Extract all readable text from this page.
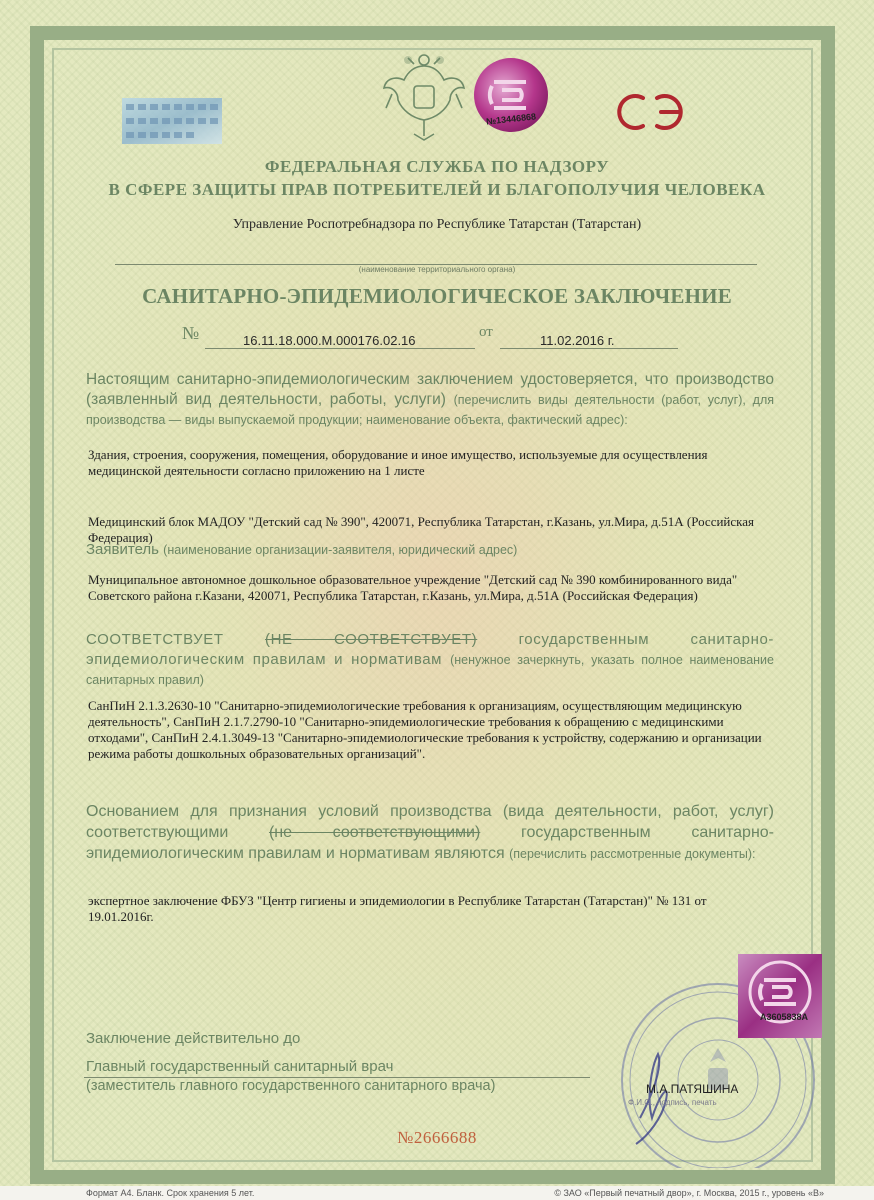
№13446868
ФЕДЕРАЛЬНАЯ СЛУЖБА ПО НАДЗОРУ
В СФЕРЕ ЗАЩИТЫ ПРАВ ПОТРЕБИТЕЛЕЙ И БЛАГОПОЛУЧИЯ ЧЕЛОВЕКА
Управление Роспотребнадзора по Республике Татарстан (Татарстан)
(наименование территориального органа)
САНИТАРНО-ЭПИДЕМИОЛОГИЧЕСКОЕ ЗАКЛЮЧЕНИЕ
№	16.11.18.000.М.000176.02.16
от
11.02.2016 г.
Настоящим санитарно-эпидемиологическим заключением удостоверяется, что производство (заявленный вид деятельности, работы, услуги) (перечислить виды деятельности (работ, услуг), для производства — виды выпускаемой продукции; наименование объекта, фактический адрес):
Здания, строения, сооружения, помещения, оборудование и иное имущество, используемые для осуществления медицинской деятельности согласно приложению на 1 листе
Медицинский блок МАДОУ "Детский сад № 390", 420071, Республика Татарстан, г.Казань, ул.Мира, д.51А (Российская Федерация)
Заявитель (наименование организации-заявителя, юридический адрес)
Муниципальное автономное дошкольное образовательное учреждение "Детский сад № 390 комбинированного вида" Советского района г.Казани, 420071, Республика Татарстан, г.Казань, ул.Мира, д.51А (Российская Федерация)
СООТВЕТСТВУЕТ	(НЕ СООТВЕТСТВУЕТ)	государственным санитарно-эпидемиологическим правилам и нормативам (ненужное зачеркнуть, указать полное наименование санитарных правил)
СанПиН 2.1.3.2630-10 "Санитарно-эпидемиологические требования к организациям, осуществляющим медицинскую деятельность", СанПиН 2.1.7.2790-10 "Санитарно-эпидемиологические требования к обращению с медицинскими отходами", СанПиН 2.4.1.3049-13 "Санитарно-эпидемиологические требования к устройству, содержанию и организации режима работы дошкольных образовательных организаций".
Основанием для признания условий производства (вида деятельности, работ, услуг) соответствующими	(не соответствующими)	государственным санитарно-эпидемиологическим правилам и нормативам являются (перечислить рассмотренные документы):
экспертное заключение ФБУЗ "Центр гигиены и эпидемиологии в Республике Татарстан (Татарстан)" № 131 от 19.01.2016г.
А3605838А
Заключение действительно до
Главный государственный санитарный врач
(заместитель главного государственного санитарного врача)	М.А.ПАТЯШИНА
Ф.И.О., подпись, печать
№2666688
Формат А4. Бланк. Срок хранения 5 лет.	© ЗАО «Первый печатный двор», г. Москва, 2015 г., уровень «В»
